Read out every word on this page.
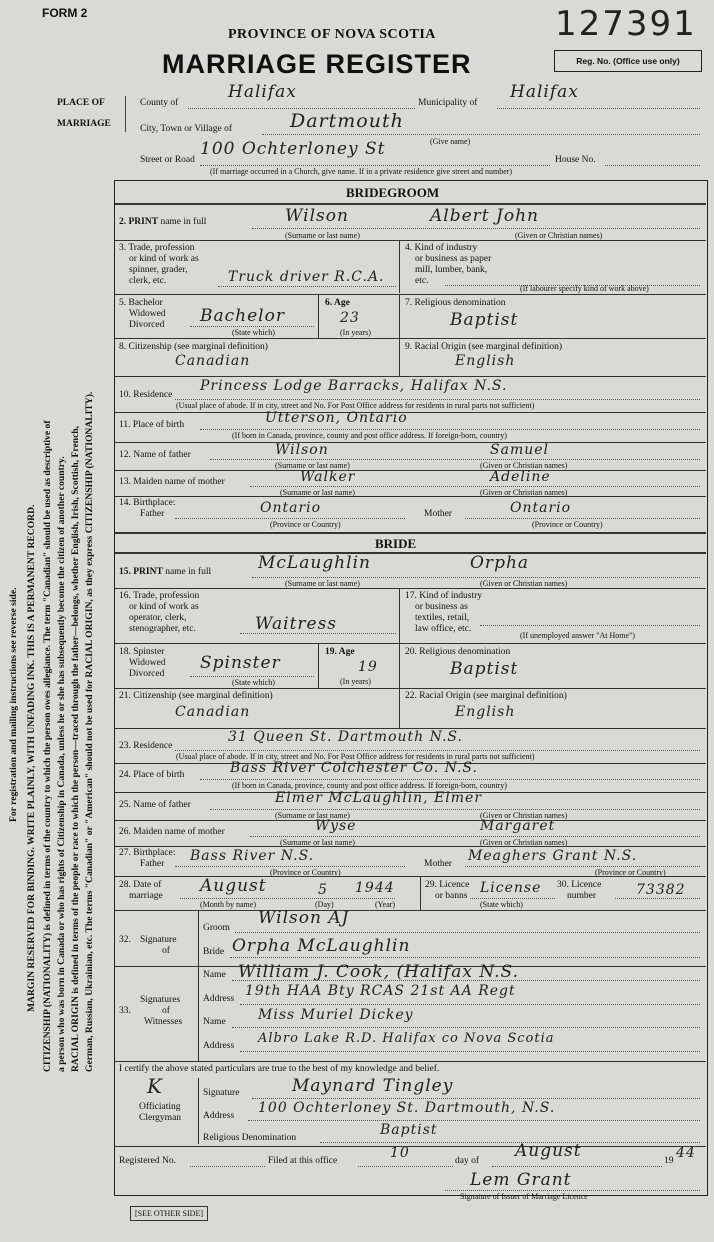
FORM 2	127391
PROVINCE OF NOVA SCOTIA
MARRIAGE REGISTER	Reg. No. (Office use only)
PLACE OF
MARRIAGE
County of
Halifax
Municipality of
Halifax
City, Town or Village of	Dartmouth
(Give name)
Street or Road
100 Ochterloney St
House No.
(If marriage occurred in a Church, give name. If in a private residence give street and number)
For registration and mailing instructions see reverse side. MARGIN RESERVED FOR BINDING. WRITE PLAINLY, WITH UNFADING INK. THIS IS A PERMANENT RECORD. CITIZENSHIP (NATIONALITY) is defined in terms of the country to which the person owes allegiance. The term "Canadian" should be used as descriptive of a person who was born in Canada or who has rights of Citizenship in Canada, unless he or she has subsequently become the citizen of another country. RACIAL ORIGIN is defined in terms of the people or race to which the person—traced through the father—belongs, whether English, Irish, Scottish, French, German, Russian, Ukrainian, etc. The terms "Canadian" or "American" should not be used for RACIAL ORIGIN, as they express CITIZENSHIP (NATIONALITY).
BRIDEGROOM
2. PRINT name in full	Wilson	Albert John
(Surname or last name)	(Given or Christian names)
3. Trade, profession
or kind of work as
spinner, grader,
clerk, etc.	Truck driver R.C.A.
4. Kind of industry
or business as paper
mill, lumber, bank,
etc.
(If labourer specify kind of work above)
5. Bachelor
Widowed
Divorced Bachelor
(State which)
6. Age
23
(In years)
7. Religious denomination
Baptist
8. Citizenship (see marginal definition)
Canadian
9. Racial Origin (see marginal definition)
English
10. Residence
Princess Lodge Barracks, Halifax N.S.
(Usual place of abode. If in city, street and No. For Post Office address for residents in rural parts not sufficient)
11. Place of birth	Utterson, Ontario
(If born in Canada, province, county and post office address. If foreign-born, country)
12. Name of father	Wilson	Samuel
(Surname or last name)	(Given or Christian names)
13. Maiden name of mother	Walker	Adeline
(Surname or last name)	(Given or Christian names)
14. Birthplace:
Father	Ontario
(Province or Country)
Mother	Ontario
(Province or Country)
BRIDE
15. PRINT name in full	McLaughlin	Orpha
(Surname or last name)	(Given or Christian names)
16. Trade, profession
or kind of work as
operator, clerk,
stenographer, etc.	Waitress
17. Kind of industry
or business as
textiles, retail,
law office, etc.
(If unemployed answer "At Home")
18. Spinster
Widowed
Divorced
Spinster
(State which)
19. Age
19
(In years)
20. Religious denomination
Baptist
21. Citizenship (see marginal definition)
Canadian
22. Racial Origin (see marginal definition)
English
23. Residence
31 Queen St. Dartmouth N.S.
(Usual place of abode. If in city, street and No. For Post Office address for residents in rural parts not sufficient)
24. Place of birth	Bass River Colchester Co. N.S.
(If born in Canada, province, county and post office address. If foreign-born, country)
25. Name of father	Elmer McLaughlin, Elmer
(Surname or last name)	(Given or Christian names)
26. Maiden name of mother	Wyse	Margaret
(Surname or last name)	(Given or Christian names)
27. Birthplace:
Father Bass River N.S.
(Province or Country)
Mother Meaghers Grant N.S.
(Province or Country)
28. Date of
marriage August	5 1944
(Month by name)	(Day)	(Year)
29. Licence
or banns License
(State which)
30. Licence
number	73382
32. Signature
of
Groom Wilson AJ
Bride Orpha McLaughlin
Signatures
of
Witnesses
33.
Name William J. Cook, (Halifax N.S.
Address 19th HAA Bty RCAS 21st AA Regt
Name Miss Muriel Dickey
Address Albro Lake R.D. Halifax co Nova Scotia
I certify the above stated particulars are true to the best of my knowledge and belief.
K
Officiating
Clergyman
Signature	Maynard Tingley
Address 100 Ochterloney St. Dartmouth, N.S.
Religious Denomination	Baptist
Registered No.	Filed at this office	10	day of August	19 44
Lem Grant
Signature of Issuer of Marriage Licence
[SEE OTHER SIDE]
